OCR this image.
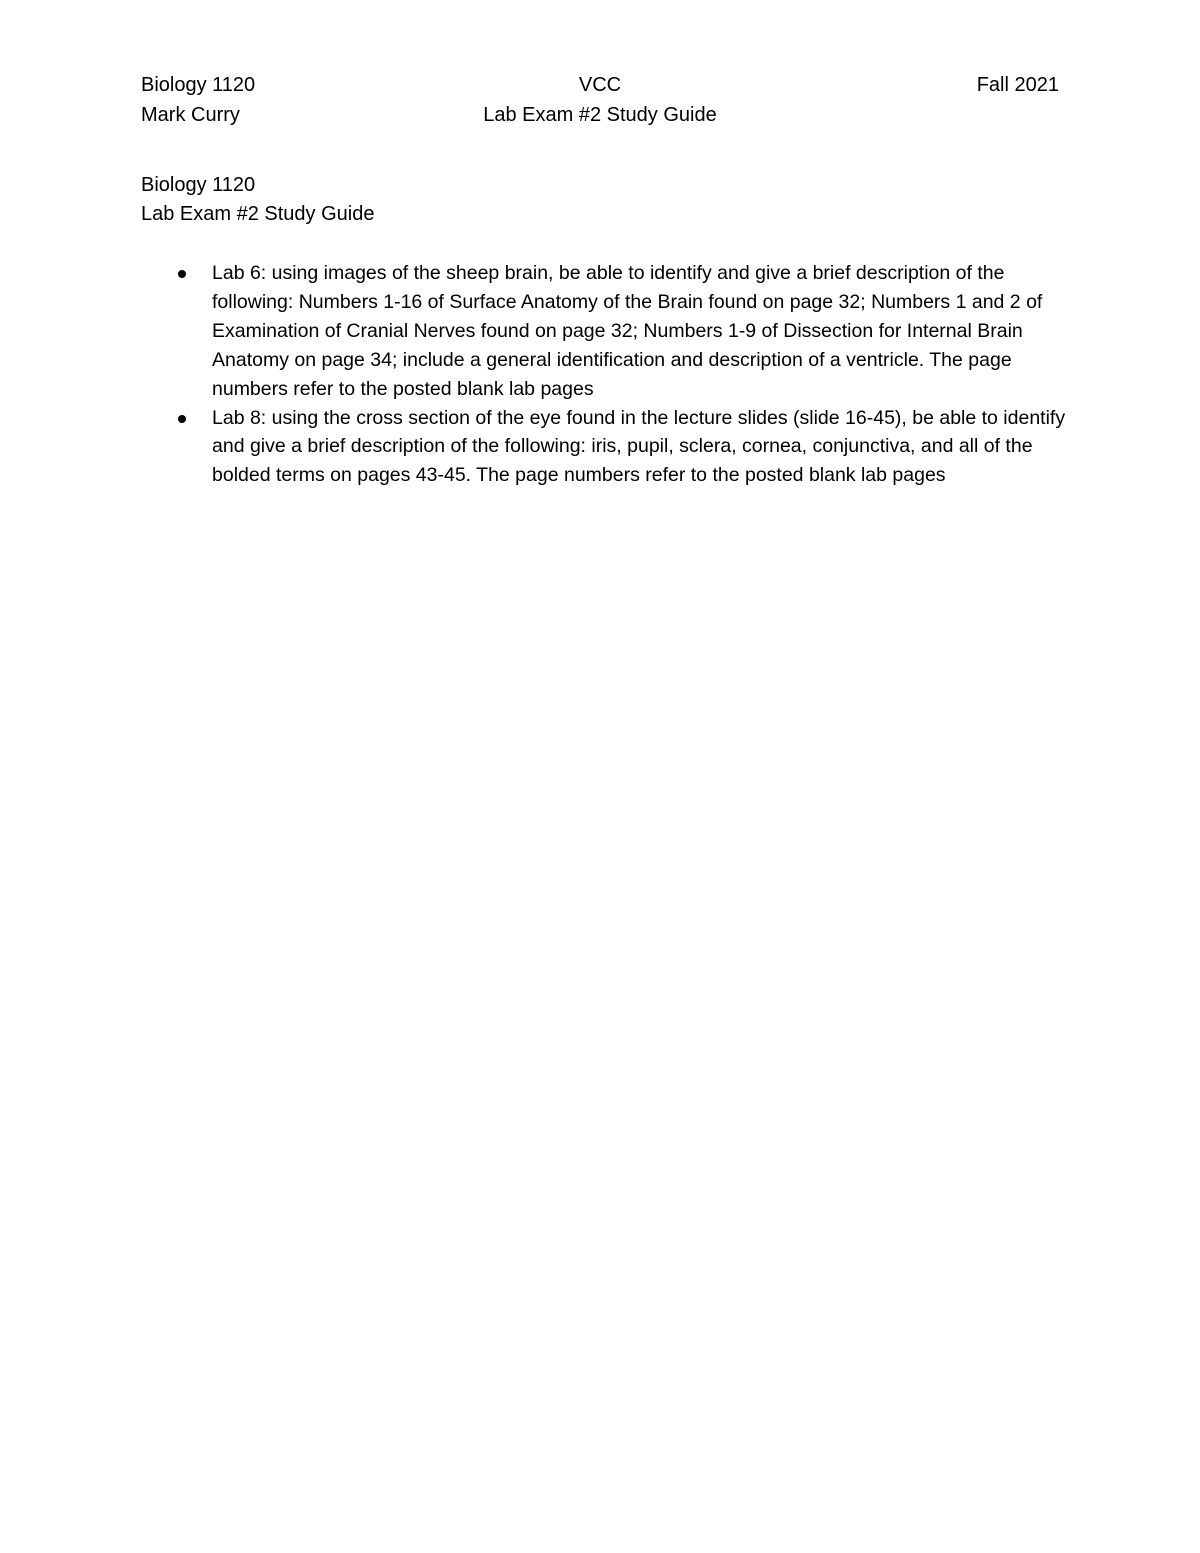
Biology 1120
Mark Curry
VCC
Lab Exam #2 Study Guide
Fall 2021
Biology 1120
Lab Exam #2 Study Guide
Lab 6: using images of the sheep brain, be able to identify and give a brief description of the following: Numbers 1-16 of Surface Anatomy of the Brain found on page 32; Numbers 1 and 2 of Examination of Cranial Nerves found on page 32; Numbers 1-9 of Dissection for Internal Brain Anatomy on page 34; include a general identification and description of a ventricle. The page numbers refer to the posted blank lab pages
Lab 8: using the cross section of the eye found in the lecture slides (slide 16-45), be able to identify and give a brief description of the following: iris, pupil, sclera, cornea, conjunctiva, and all of the bolded terms on pages 43-45. The page numbers refer to the posted blank lab pages
